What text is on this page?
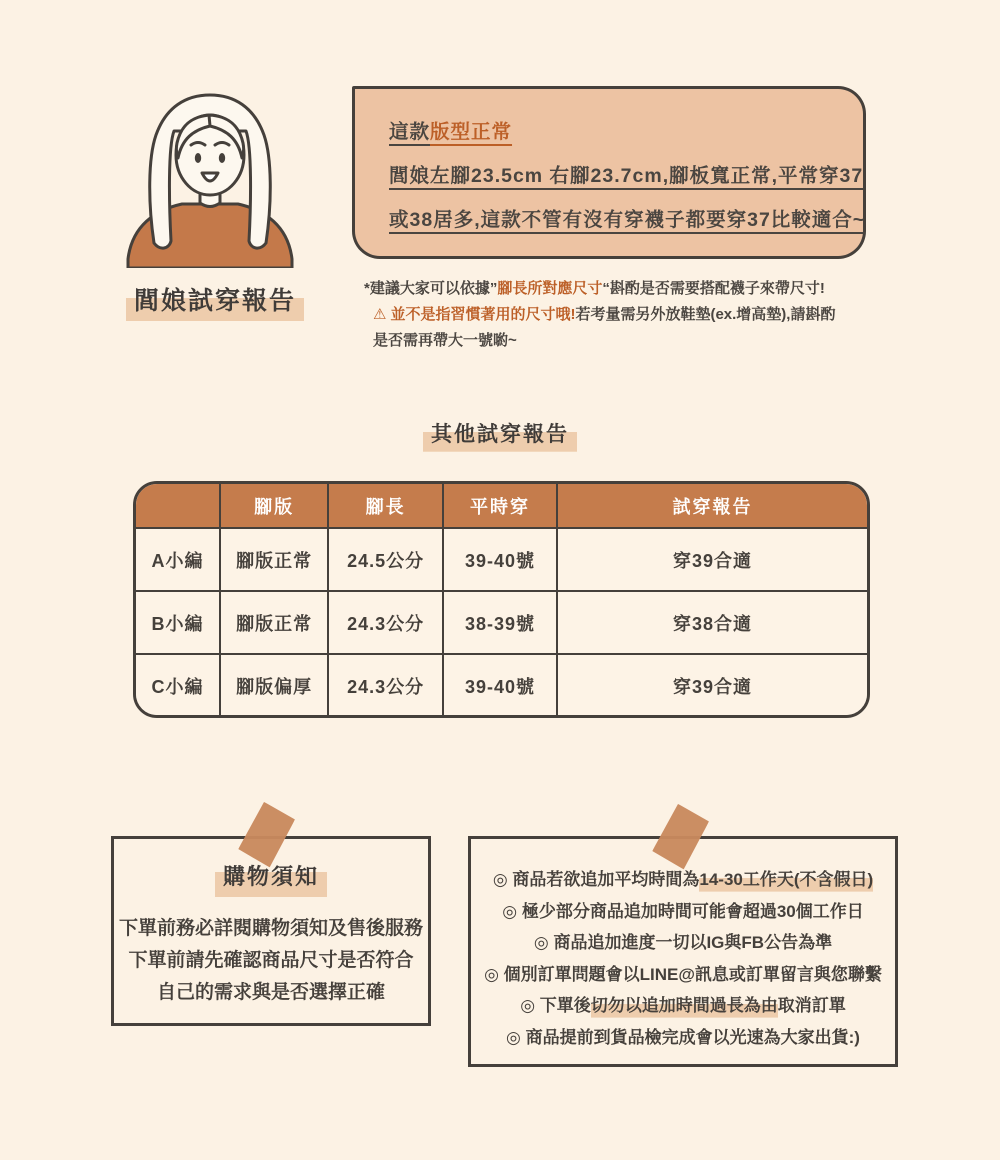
閭娘試穿報告
這款版型正常
閭娘左腳23.5cm 右腳23.7cm,腳板寬正常,平常穿37
或38居多,這款不管有沒有穿襪子都要穿37比較適合~
*建議大家可以依據”腳長所對應尺寸“斟酌是否需要搭配襪子來帶尺寸!
⚠ 並不是指習慣著用的尺寸哦!若考量需另外放鞋墊(ex.增高墊),請斟酌
是否需再帶大一號喲~
其他試穿報告
	腳版	腳長	平時穿	試穿報告
A小編	腳版正常	24.5公分	39-40號	穿39合適
B小編	腳版正常	24.3公分	38-39號	穿38合適
C小編	腳版偏厚	24.3公分	39-40號	穿39合適
購物須知
下單前務必詳閱購物須知及售後服務
下單前請先確認商品尺寸是否符合
自己的需求與是否選擇正確
◎ 商品若欲追加平均時間為14-30工作天(不含假日)
◎ 極少部分商品追加時間可能會超過30個工作日
◎ 商品追加進度一切以IG與FB公告為準
◎ 個別訂單問題會以LINE@訊息或訂單留言與您聯繫
◎ 下單後切勿以追加時間過長為由取消訂單
◎ 商品提前到貨品檢完成會以光速為大家出貨:)
